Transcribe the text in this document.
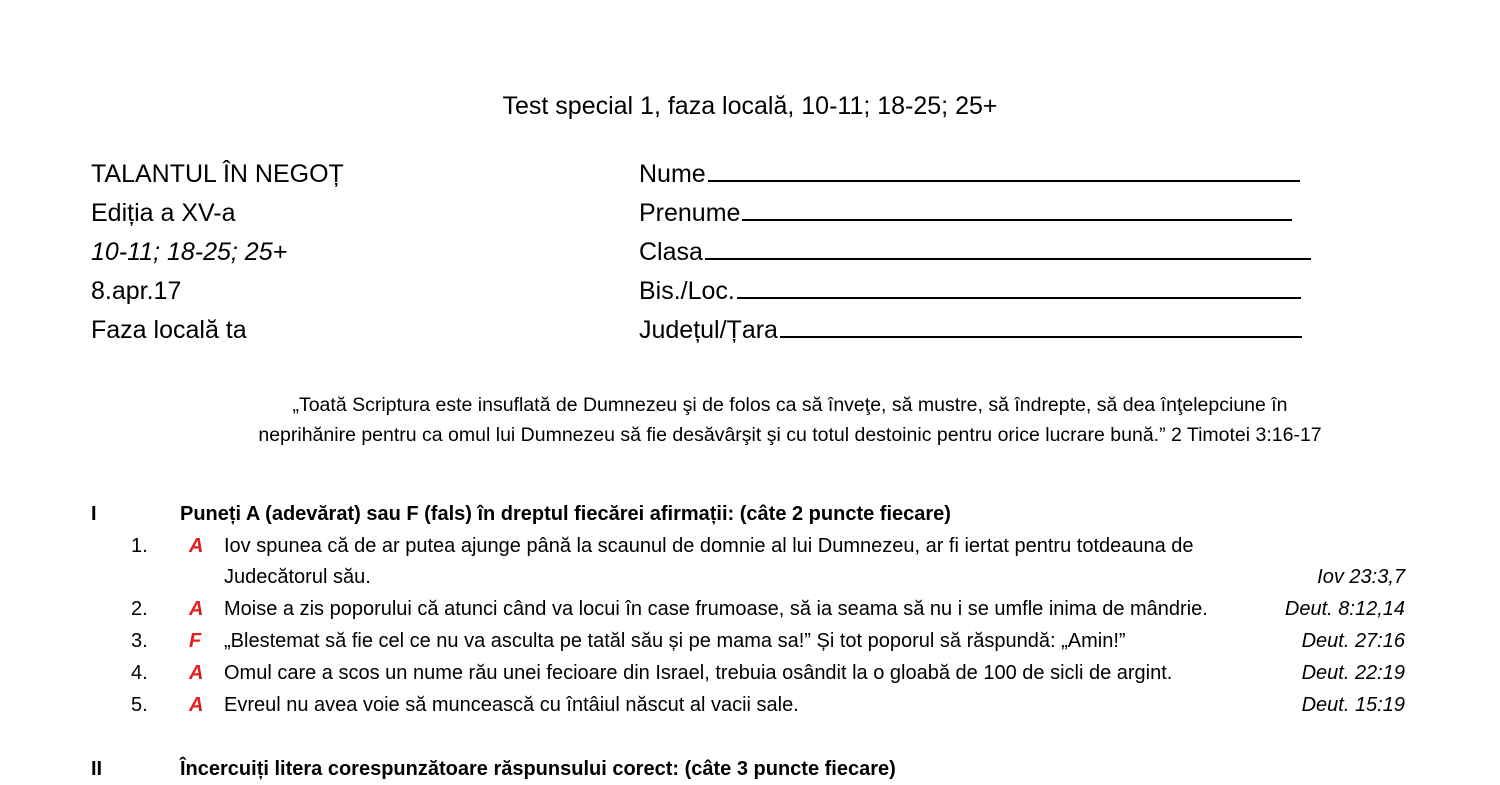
Test special 1, faza locală, 10-11; 18-25; 25+
TALANTUL ÎN NEGOȚ
Ediția a XV-a
10-11; 18-25; 25+
8.apr.17
Faza locală ta
Nume
Prenume
Clasa
Bis./Loc.
Județul/Țara
„Toată Scriptura este insuflată de Dumnezeu şi de folos ca să înveţe, să mustre, să îndrepte, să dea înţelepciune în
neprihănire pentru ca omul lui Dumnezeu să fie desăvârşit şi cu totul destoinic pentru orice lucrare bună.” 2 Timotei 3:16-17
I	Puneți A (adevărat) sau F (fals) în dreptul fiecărei afirmații: (câte 2 puncte fiecare)
1. A Iov spunea că de ar putea ajunge până la scaunul de domnie al lui Dumnezeu, ar fi iertat pentru totdeauna de
Judecătorul său.	Iov 23:3,7
2. A Moise a zis poporului că atunci când va locui în case frumoase, să ia seama să nu i se umfle inima de mândrie.	Deut. 8:12,14
3. F „Blestemat să fie cel ce nu va asculta pe tatăl său și pe mama sa!” Și tot poporul să răspundă: „Amin!”	Deut. 27:16
4. A Omul care a scos un nume rău unei fecioare din Israel, trebuia osândit la o gloabă de 100 de sicli de argint.	Deut. 22:19
5. A Evreul nu avea voie să muncească cu întâiul născut al vacii sale.	Deut. 15:19
II	Încercuiți litera corespunzătoare răspunsului corect: (câte 3 puncte fiecare)
